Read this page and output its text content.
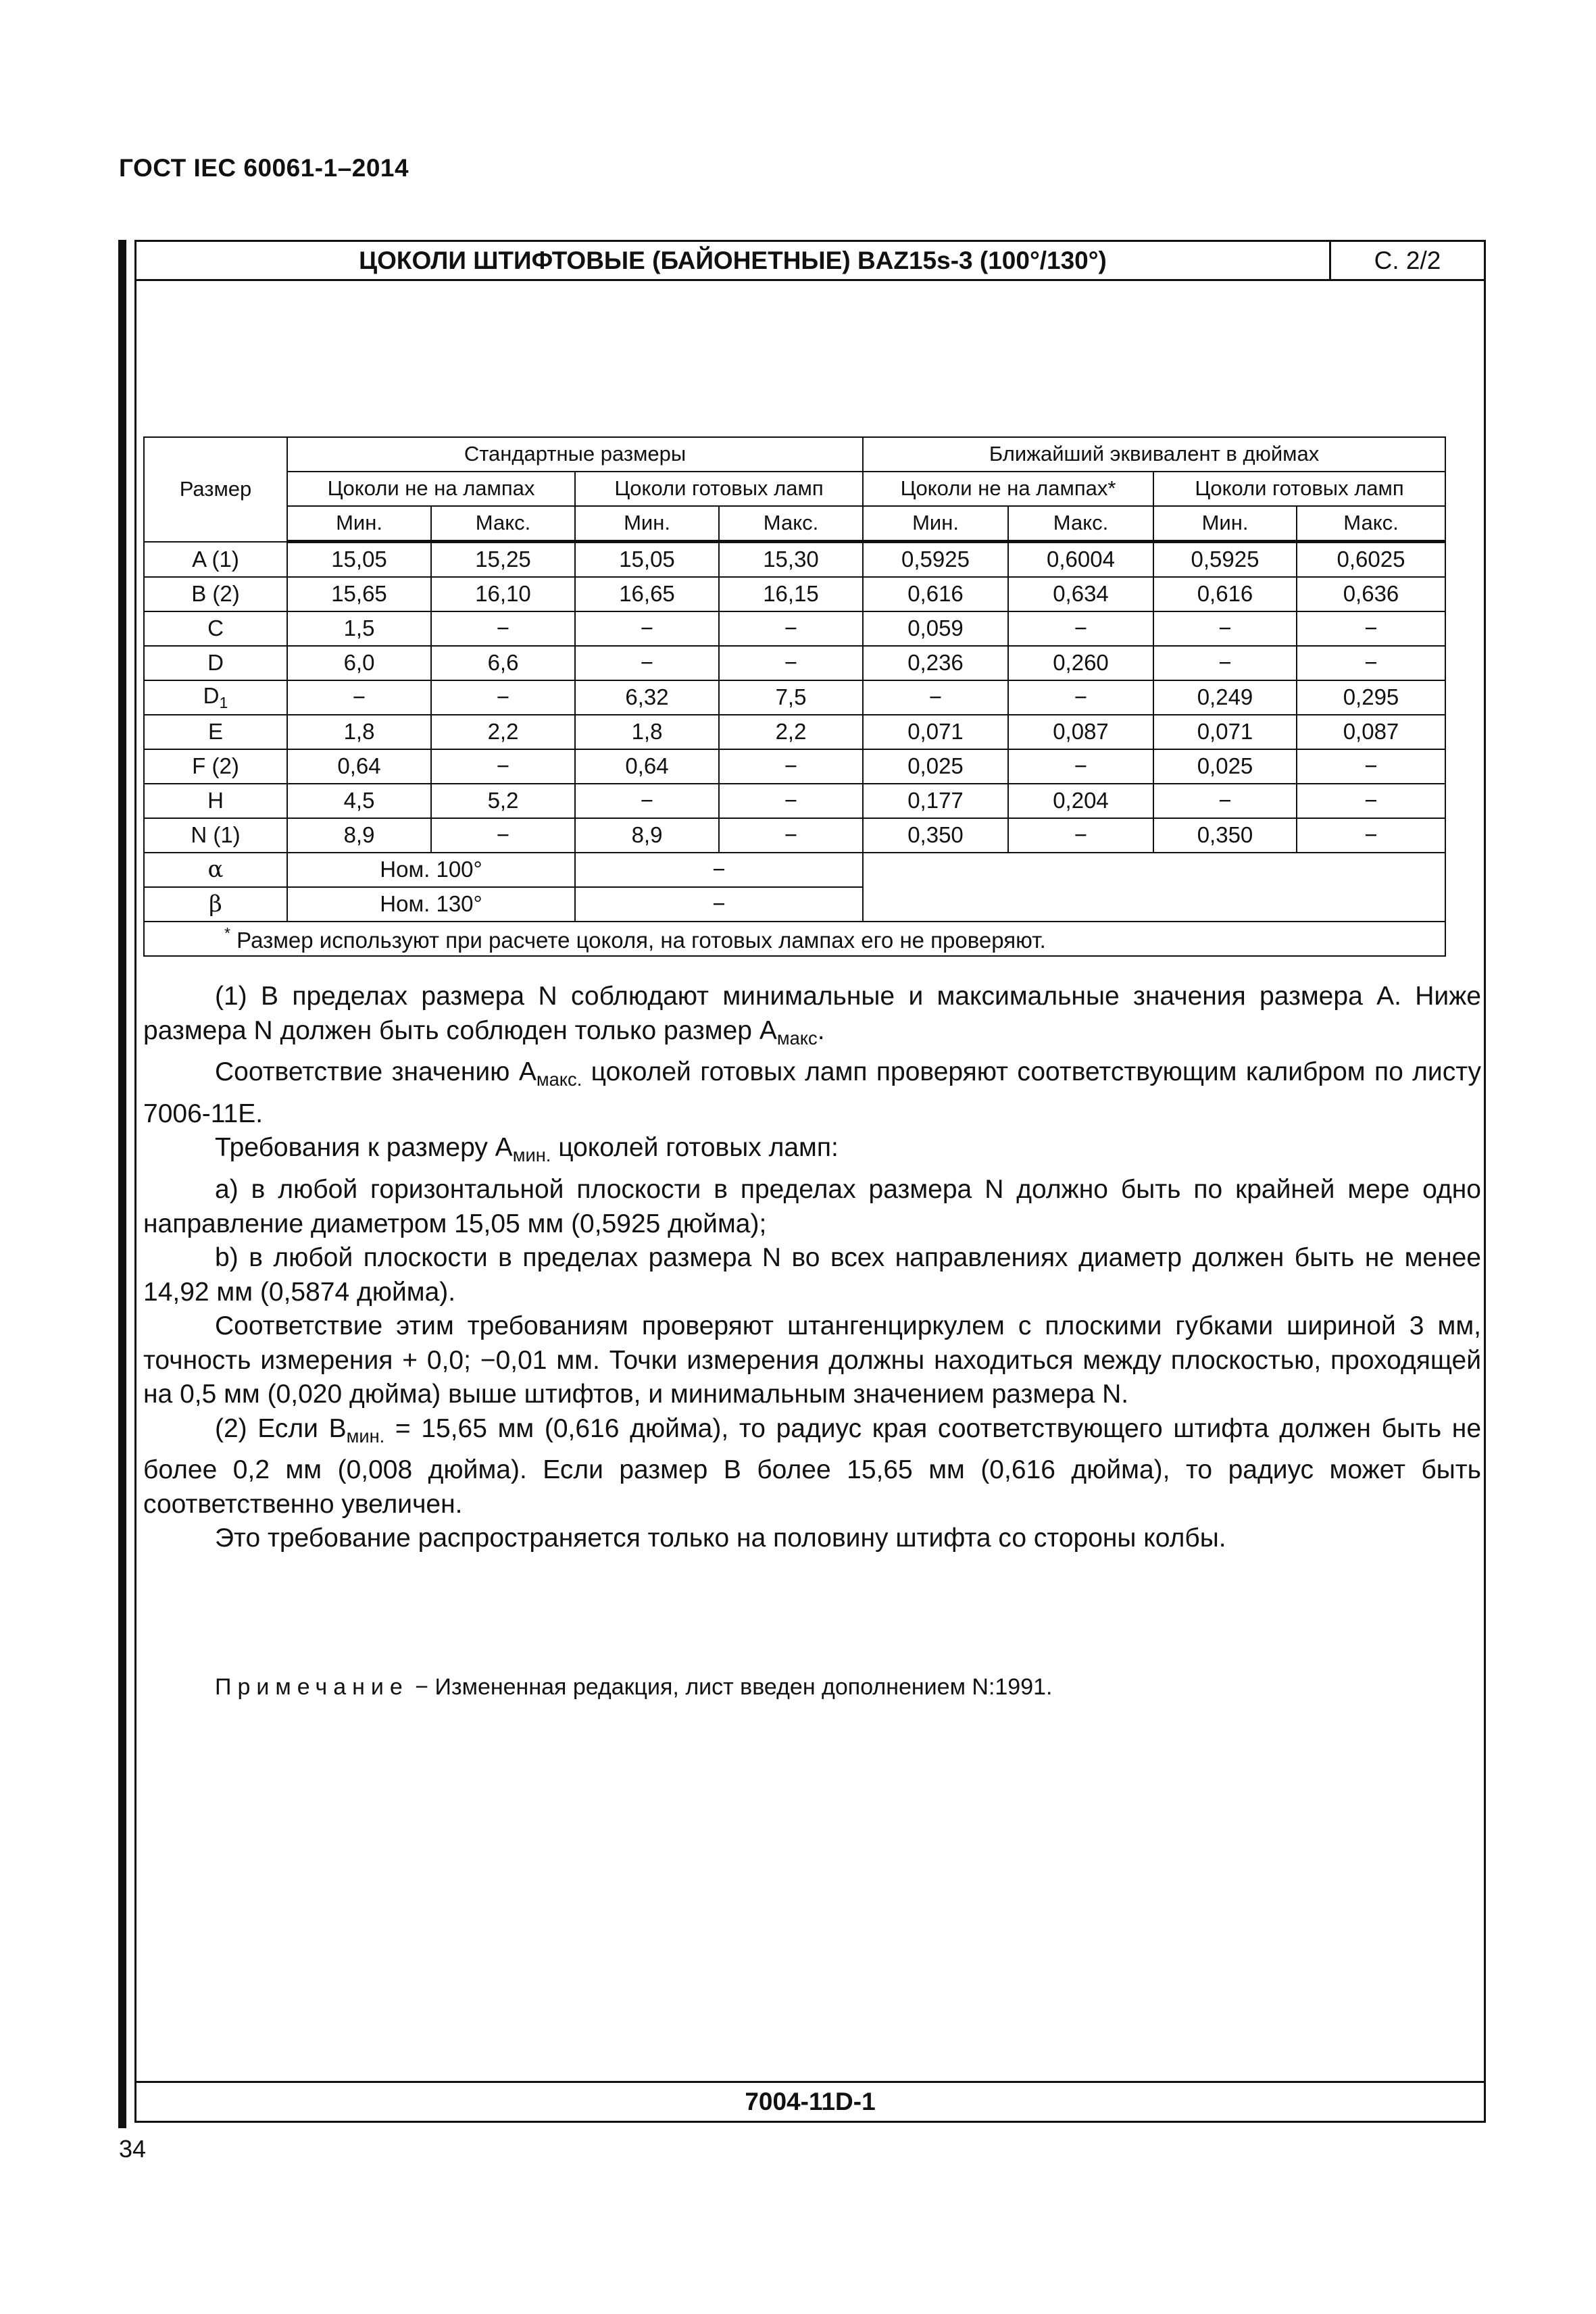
ГОСТ IEC 60061-1–2014
ЦОКОЛИ ШТИФТОВЫЕ (БАЙОНЕТНЫЕ) BAZ15s-3 (100°/130°)	С. 2/2
7004-11D-1
Размер	Стандартные размеры				Ближайший эквивалент в дюймах			
	Цоколи не на лампах		Цоколи готовых ламп		Цоколи не на лампах*		Цоколи готовых ламп	
	Мин.	Макс.	Мин.	Макс.	Мин.	Макс.	Мин.	Макс.
A (1)	15,05	15,25	15,05	15,30	0,5925	0,6004	0,5925	0,6025
B (2)	15,65	16,10	16,65	16,15	0,616	0,634	0,616	0,636
C	1,5	−	−	−	0,059	−	−	−
D	6,0	6,6	−	−	0,236	0,260	−	−
$D_1$	−	−	6,32	7,5	−	−	0,249	0,295
E	1,8	2,2	1,8	2,2	0,071	0,087	0,071	0,087
F (2)	0,64	−	0,64	−	0,025	−	0,025	−
H	4,5	5,2	−	−	0,177	0,204	−	−
N (1)	8,9	−	8,9	−	0,350	−	0,350	−
α	Ном. 100°		−					
β	Ном. 130°		−					
* Размер используют при расчете цоколя, на готовых лампах его не проверяют.								

(1) В пределах размера N соблюдают минимальные и максимальные значения размера A. Ниже размера N должен быть соблюден только размер $A_{макс}$.

Соответствие значению $A_{макс.}$ цоколей готовых ламп проверяют соответствующим калибром по листу 7006-11E.

Требования к размеру $A_{мин.}$ цоколей готовых ламп:

a) в любой горизонтальной плоскости в пределах размера N должно быть по крайней мере одно направление диаметром 15,05 мм (0,5925 дюйма);

b) в любой плоскости в пределах размера N во всех направлениях диаметр должен быть не менее 14,92 мм (0,5874 дюйма).

Соответствие этим требованиям проверяют штангенциркулем с плоскими губками шириной 3 мм, точность измерения + 0,0; −0,01 мм. Точки измерения должны находиться между плоскостью, проходящей на 0,5 мм (0,020 дюйма) выше штифтов, и минимальным значением размера N.

(2) Если $B_{мин.} = 15,65$ мм (0,616 дюйма), то радиус края соответствующего штифта должен быть не более 0,2 мм (0,008 дюйма). Если размер B более 15,65 мм (0,616 дюйма), то радиус может быть соответственно увеличен.

Это требование распространяется только на половину штифта со стороны колбы.

Примечание − Измененная редакция, лист введен дополнением N:1991.
34
